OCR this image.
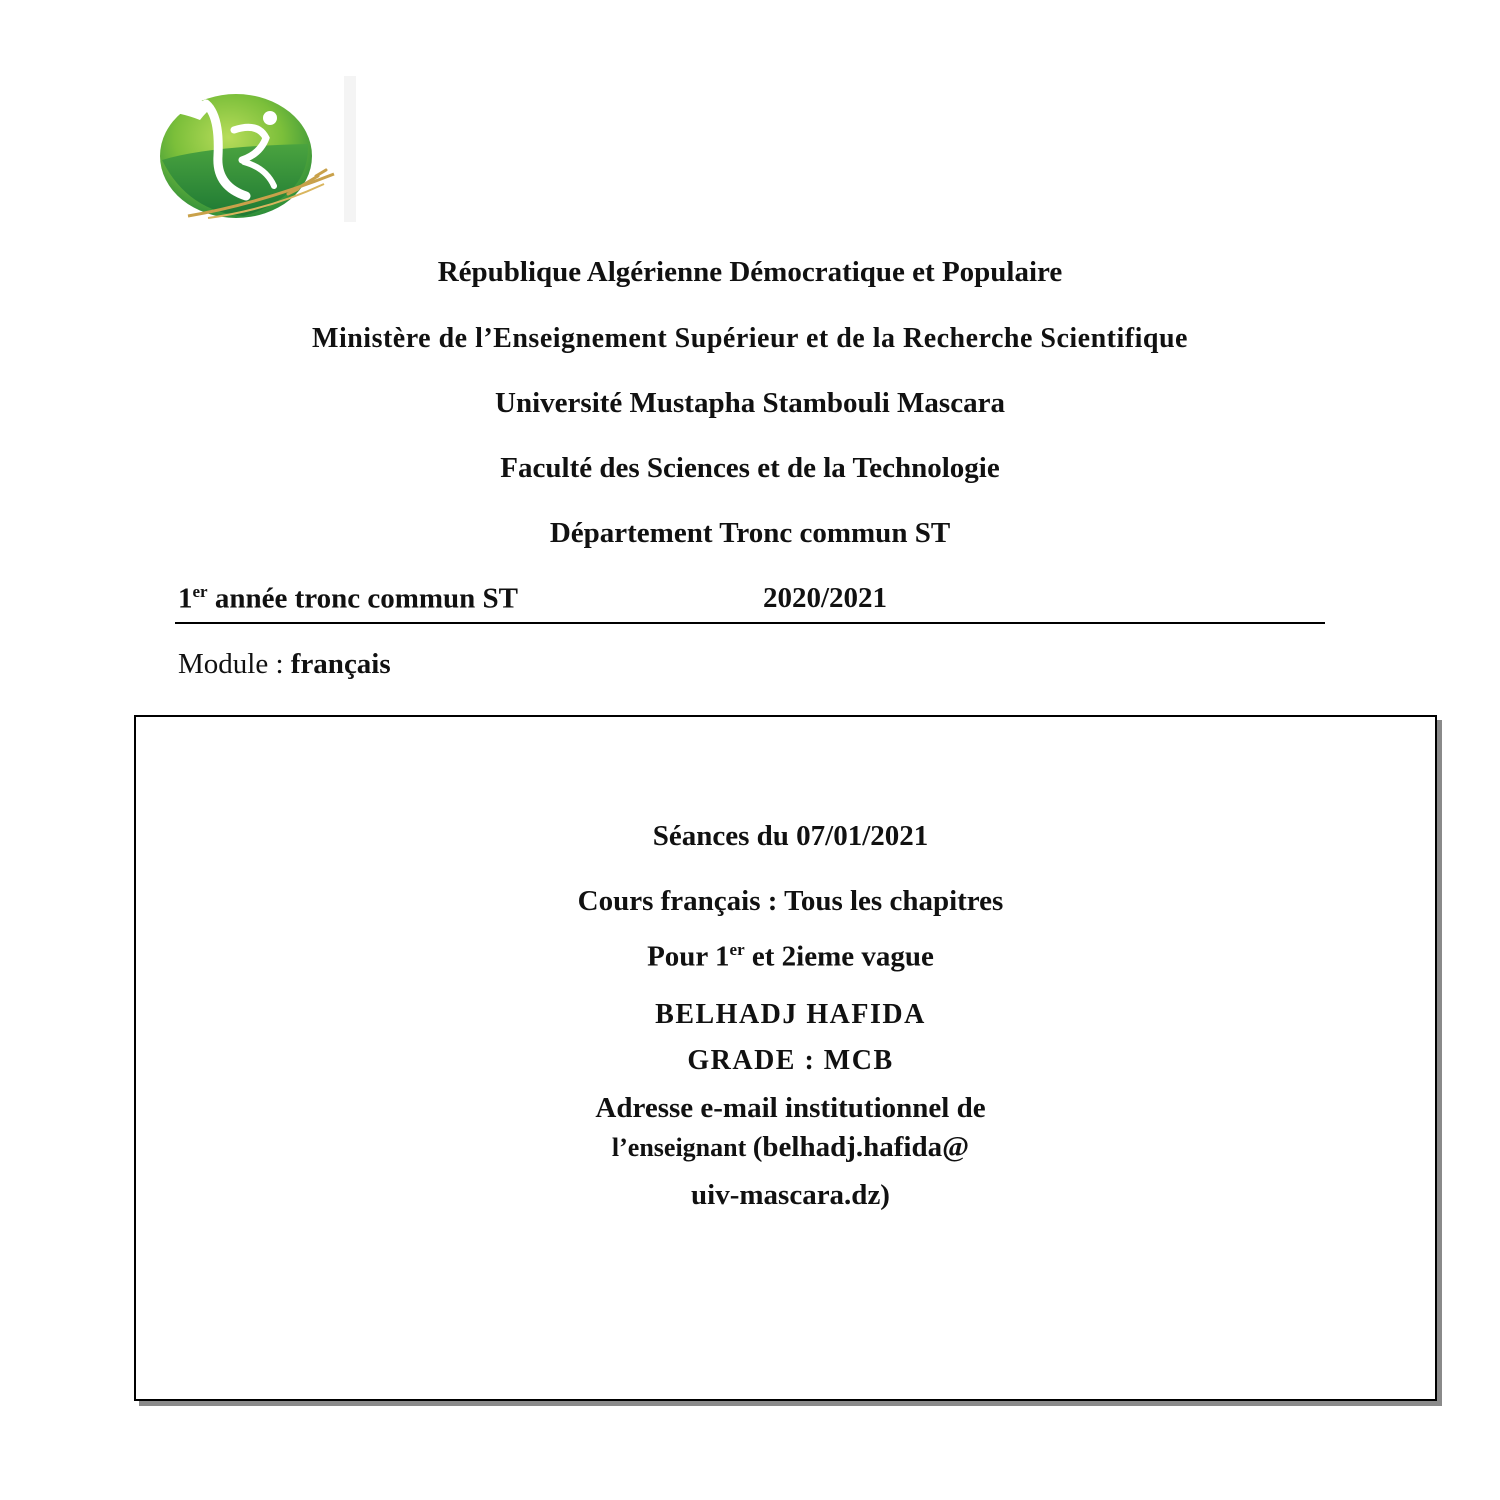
République Algérienne Démocratique et Populaire
Ministère de l’Enseignement Supérieur et de la Recherche Scientifique
Université Mustapha Stambouli Mascara
Faculté des Sciences et de la Technologie
Département Tronc commun ST
1er année tronc commun ST	2020/2021
Module : français
Séances du 07/01/2021
Cours français : Tous les chapitres
Pour 1er et 2ieme vague
BELHADJ HAFIDA
GRADE : MCB
Adresse e-mail institutionnel de
l’enseignant (belhadj.hafida@
uiv-mascara.dz)
